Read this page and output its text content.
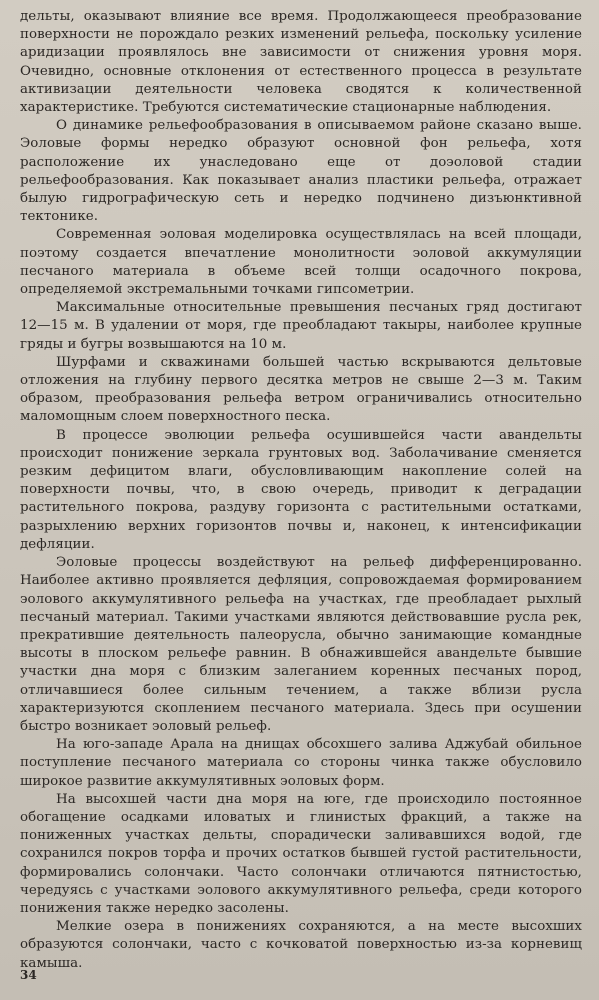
дельты, оказывают влияние все время. Продолжающееся преобразование поверхности не порождало резких изменений рельефа, поскольку усиление аридизации проявлялось вне зависимости от снижения уровня моря. Очевидно, основные отклонения от естественного процесса в результате активизации деятельности человека сводятся к количественной характеристике. Требуются систематические стационарные наблюдения.

О динамике рельефообразования в описываемом районе сказано выше. Эоловые формы нередко образуют основной фон рельефа, хотя расположение их унаследовано еще от доэоловой стадии рельефообразования. Как показывает анализ пластики рельефа, отражает былую гидрографическую сеть и нередко подчинено дизъюнктивной тектонике.

Современная эоловая моделировка осуществлялась на всей площади, поэтому создается впечатление монолитности эоловой аккумуляции песчаного материала в объеме всей толщи осадочного покрова, определяемой экстремальными точками гипсометрии.

Максимальные относительные превышения песчаных гряд достигают 12—15 м. В удалении от моря, где преобладают такыры, наиболее крупные гряды и бугры возвышаются на 10 м.

Шурфами и скважинами большей частью вскрываются дельтовые отложения на глубину первого десятка метров не свыше 2—3 м. Таким образом, преобразования рельефа ветром ограничивались относительно маломощным слоем поверхностного песка.

В процессе эволюции рельефа осушившейся части авандельты происходит понижение зеркала грунтовых вод. Заболачивание сменяется резким дефицитом влаги, обусловливающим накопление солей на поверхности почвы, что, в свою очередь, приводит к деградации растительного покрова, раздуву горизонта с растительными остатками, разрыхлению верхних горизонтов почвы и, наконец, к интенсификации дефляции.

Эоловые процессы воздействуют на рельеф дифференцированно. Наиболее активно проявляется дефляция, сопровождаемая формированием эолового аккумулятивного рельефа на участках, где преобладает рыхлый песчаный материал. Такими участками являются действовавшие русла рек, прекратившие деятельность палеорусла, обычно занимающие командные высоты в плоском рельефе равнин. В обнажившейся авандельте бывшие участки дна моря с близким залеганием коренных песчаных пород, отличавшиеся более сильным течением, а также вблизи русла характеризуются скоплением песчаного материала. Здесь при осушении быстро возникает эоловый рельеф.

На юго-западе Арала на днищах обсохшего залива Аджубай обильное поступление песчаного материала со стороны чинка также обусловило широкое развитие аккумулятивных эоловых форм.

На высохшей части дна моря на юге, где происходило постоянное обогащение осадками иловатых и глинистых фракций, а также на пониженных участках дельты, спорадически заливавшихся водой, где сохранился покров торфа и прочих остатков бывшей густой растительности, формировались солончаки. Часто солончаки отличаются пятнистостью, чередуясь с участками эолового аккумулятивного рельефа, среди которого понижения также нередко засолены.

Мелкие озера в понижениях сохраняются, а на месте высохших образуются солончаки, часто с кочковатой поверхностью из-за корневищ камыша.

34
